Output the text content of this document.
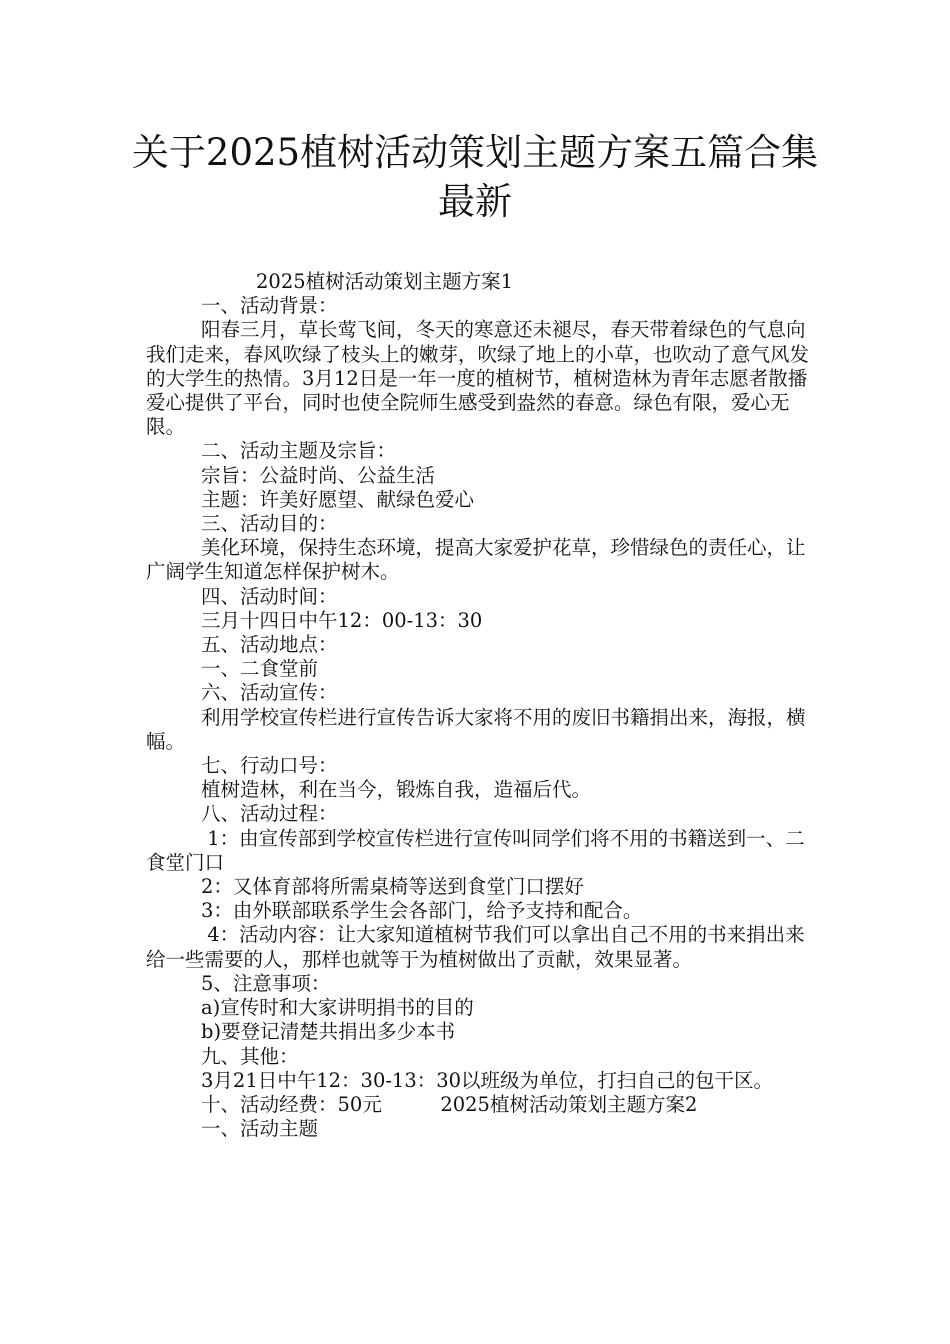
关于2025植树活动策划主题方案五篇合集
最新

2025植树活动策划主题方案1

一、活动背景：

阳春三月，草长莺飞间，冬天的寒意还未褪尽，春天带着绿色的气息向我们走来，春风吹绿了枝头上的嫩芽，吹绿了地上的小草，也吹动了意气风发的大学生的热情。3月12日是一年一度的植树节，植树造林为青年志愿者散播爱心提供了平台，同时也使全院师生感受到盎然的春意。绿色有限，爱心无限。

二、活动主题及宗旨：

宗旨：公益时尚、公益生活

主题：许美好愿望、献绿色爱心

三、活动目的：

美化环境，保持生态环境，提高大家爱护花草，珍惜绿色的责任心，让广阔学生知道怎样保护树木。

四、活动时间：

三月十四日中午12：00-13：30

五、活动地点：

一、二食堂前

六、活动宣传：

利用学校宣传栏进行宣传告诉大家将不用的废旧书籍捐出来，海报，横幅。

七、行动口号：

植树造林，利在当今，锻炼自我，造福后代。

八、活动过程：

1：由宣传部到学校宣传栏进行宣传叫同学们将不用的书籍送到一、二食堂门口

2：又体育部将所需桌椅等送到食堂门口摆好

3：由外联部联系学生会各部门，给予支持和配合。

4：活动内容：让大家知道植树节我们可以拿出自己不用的书来捐出来给一些需要的人，那样也就等于为植树做出了贡献，效果显著。

5、注意事项：

a)宣传时和大家讲明捐书的目的

b)要登记清楚共捐出多少本书

九、其他：

3月21日中午12：30-13：30以班级为单位，打扫自己的包干区。

十、活动经费：50元　　　2025植树活动策划主题方案2

一、活动主题
